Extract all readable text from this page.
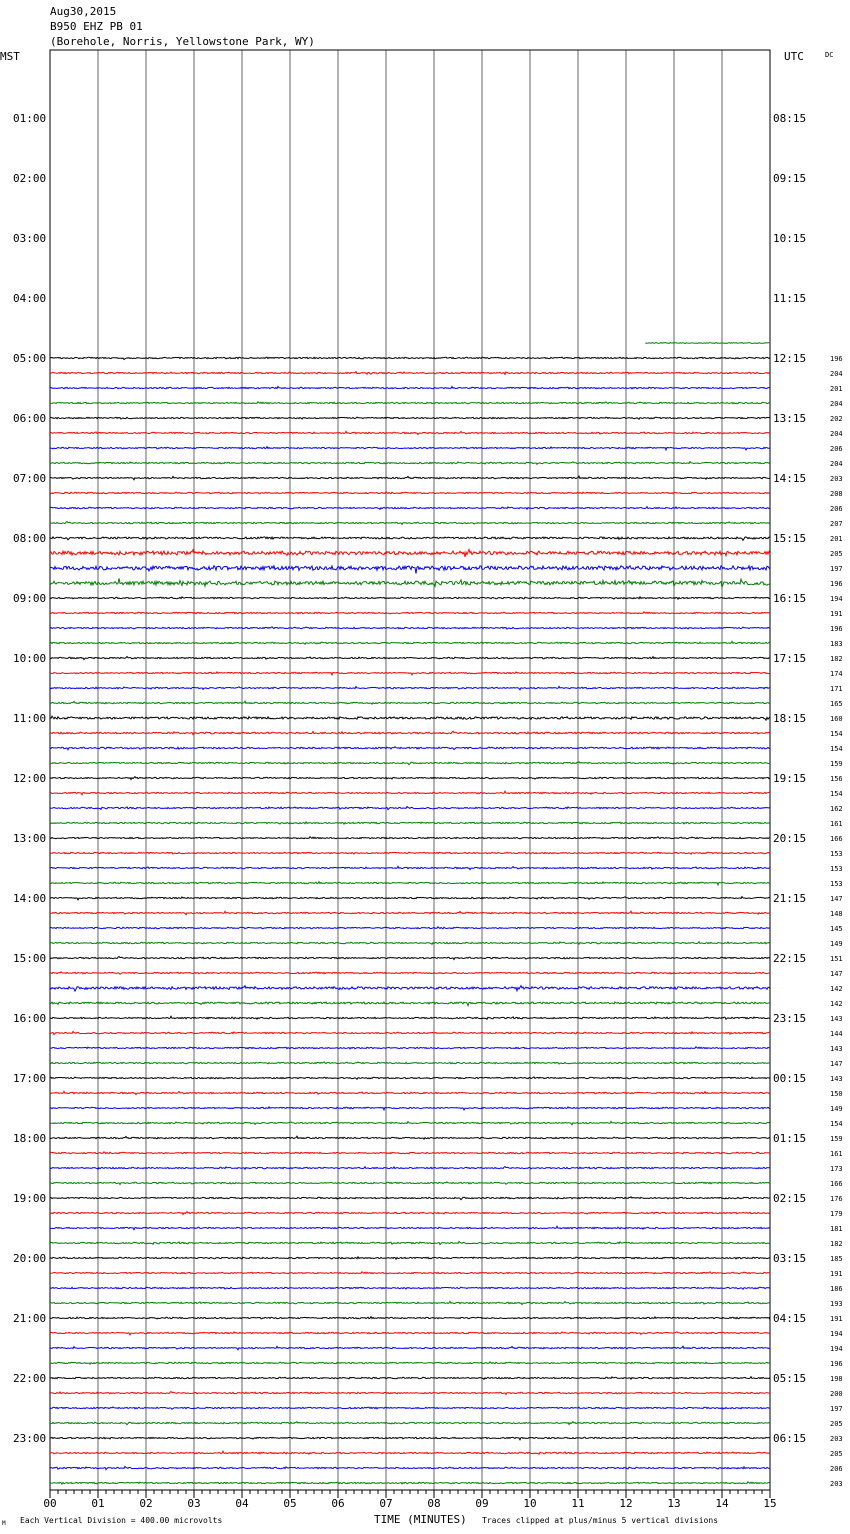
Aug30,2015
B950 EHZ PB 01
(Borehole, Norris, Yellowstone Park, WY)
00	01	02	03	04	05	06	07	08	09	10	11	12	13	14	15
01:00
02:00
03:00
04:00
05:00
06:00
07:00
08:00
09:00
10:00
11:00
12:00
13:00
14:00
15:00
16:00
17:00
18:00
19:00
20:00
21:00
22:00
23:00
08:15
09:15
10:15
11:15
12:15
13:15
14:15
15:15
16:15
17:15
18:15
19:15
20:15
21:15
22:15
23:15
00:15
01:15
02:15
03:15
04:15
05:15
06:15
196
204
201
204
202
204
206
204
203
208
206
207
201
205
197
196
194
191
196
183
182
174
171
165
160
154
154
159
156
154
162
161
166
153
153
153
147
148
145
149
151
147
142
142
143
144
143
147
143
150
149
154
159
161
173
166
176
179
181
182
185
191
186
193
191
194
194
196
198
200
197
205
203
205
206
203
MST	UTC	DC
M Each Vertical Division = 400.00 microvolts	TIME (MINUTES) Traces clipped at plus/minus 5 vertical divisions
